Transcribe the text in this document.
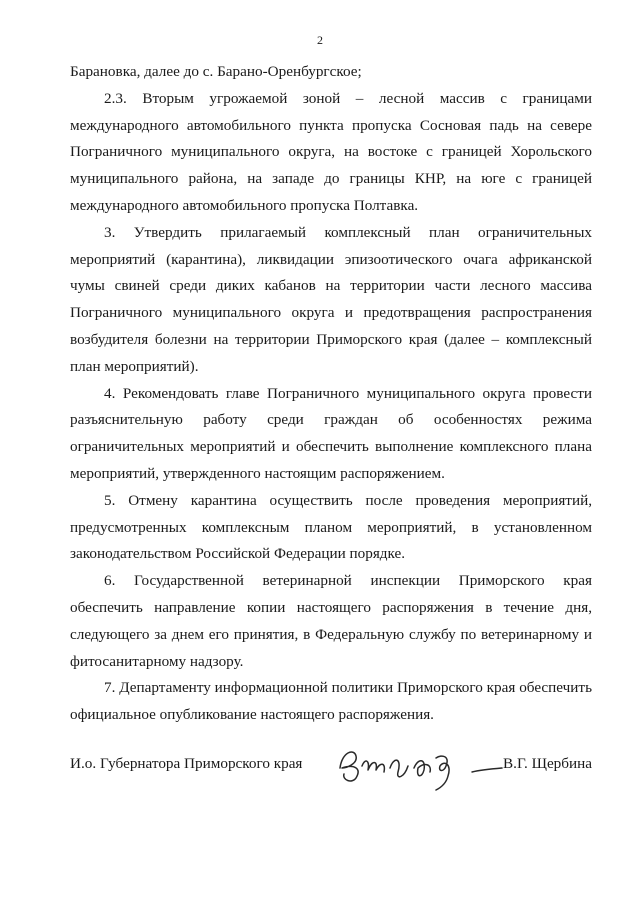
2
Барановка, далее до с. Барано-Оренбургское;
2.3. Вторым угрожаемой зоной – лесной массив с границами
международного автомобильного пункта пропуска Сосновая падь на севере
Пограничного муниципального округа, на востоке с границей Хорольского
муниципального района, на западе до границы КНР, на юге с границей
международного автомобильного пропуска Полтавка.
3. Утвердить прилагаемый комплексный план ограничительных
мероприятий (карантина), ликвидации эпизоотического очага африканской
чумы свиней среди диких кабанов на территории части лесного массива
Пограничного муниципального округа и предотвращения распространения
возбудителя болезни на территории Приморского края (далее – комплексный
план мероприятий).
4. Рекомендовать главе Пограничного муниципального округа провести
разъяснительную работу среди граждан об особенностях режима
ограничительных мероприятий и обеспечить выполнение комплексного плана
мероприятий, утвержденного настоящим распоряжением.
5. Отмену карантина осуществить после проведения мероприятий,
предусмотренных комплексным планом мероприятий, в установленном
законодательством Российской Федерации порядке.
6. Государственной ветеринарной инспекции Приморского края
обеспечить направление копии настоящего распоряжения в течение дня,
следующего за днем его принятия, в Федеральную службу по ветеринарному и
фитосанитарному надзору.
7. Департаменту информационной политики Приморского края обеспечить
официальное опубликование настоящего распоряжения.
И.о. Губернатора Приморского края	В.Г. Щербина
